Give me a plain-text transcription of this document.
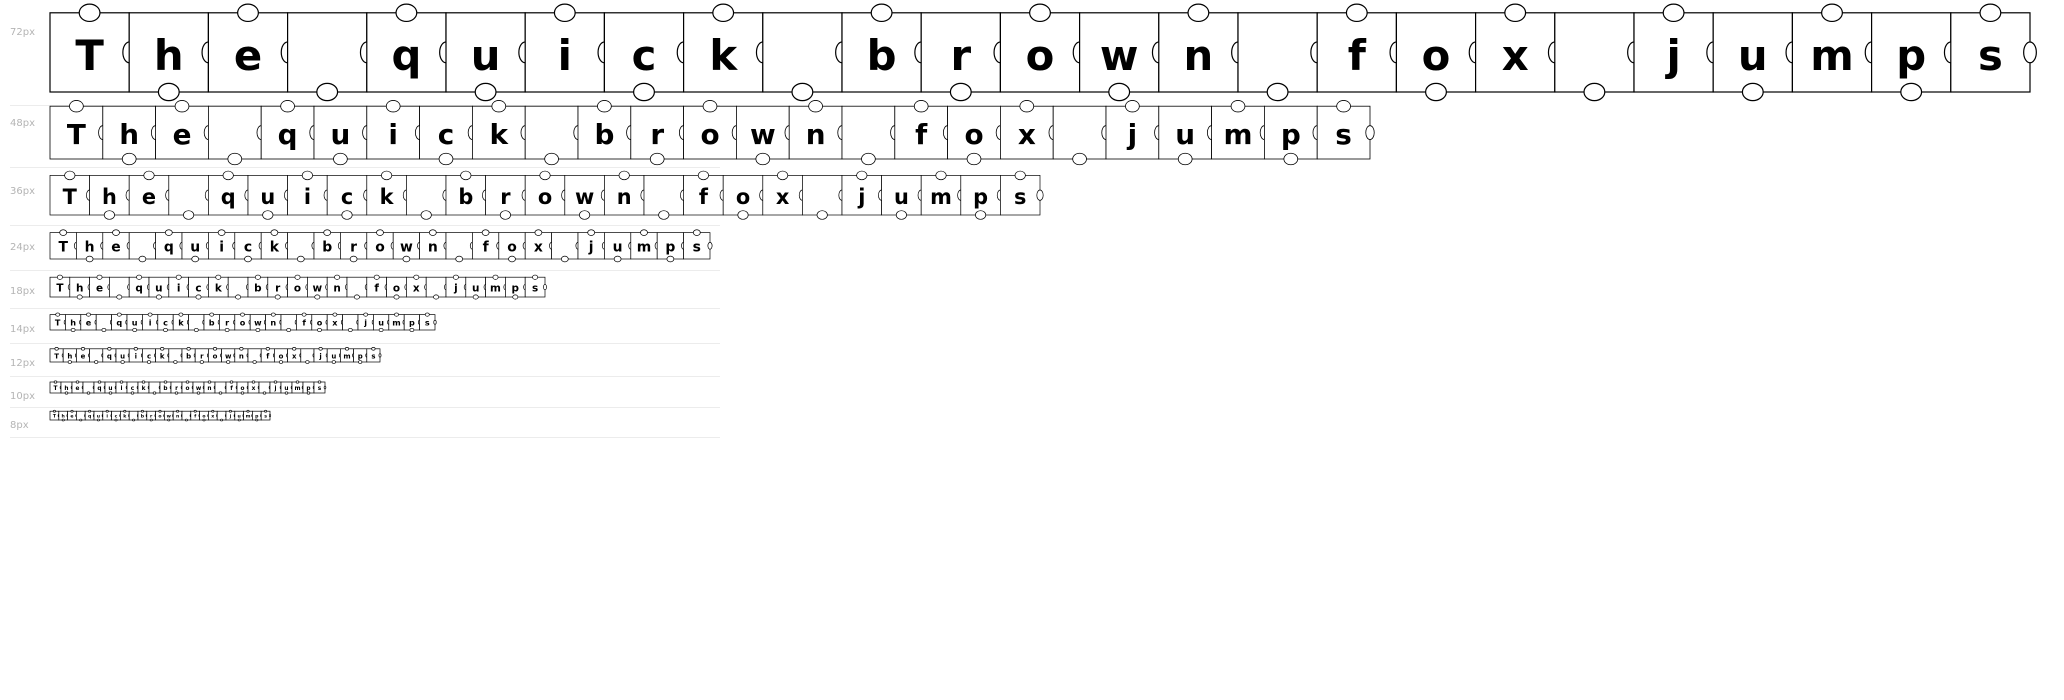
72px T h e	q u i c k	b r o w n	f o x	j u m p s
48px T h e	q u i c k	b r o w n	f o x	j u m p s
36px T h e	q u i c k	b r o w n	f o x	j u m p s
24px T h e	q u i c k	b r o w n	f o x	j u m p s
18px T h e	q u i c k	b r o w n	f o x	j u m p s
14px
T h e	q u i c k	b r o w n	f o x	j u m p s
12px
T h e	q u i c k	b r o w n	f o x	j u m p s
10px
T h e	q u i c k	b r o w n	f o x	j u m p s
8px
T h e	q u i c k	b r o w n	f o x	j u m p s
